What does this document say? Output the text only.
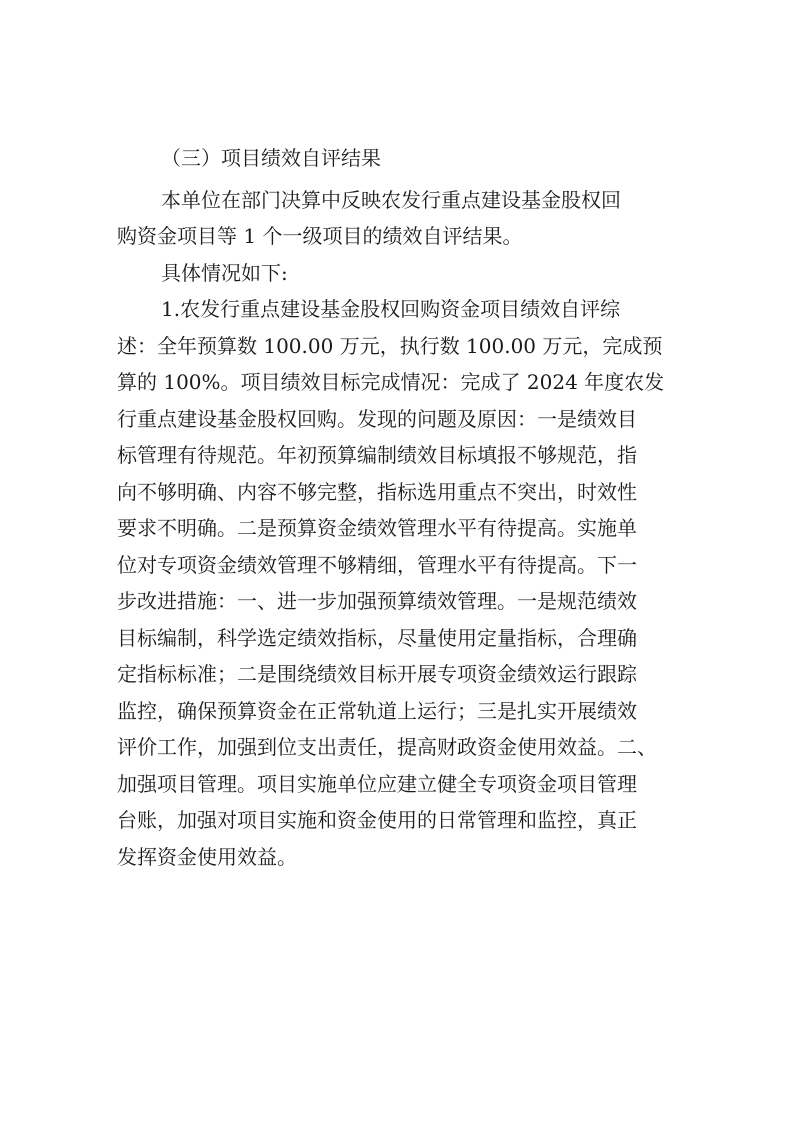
（三）项目绩效自评结果
本单位在部门决算中反映农发行重点建设基金股权回
购资金项目等 1 个一级项目的绩效自评结果。
具体情况如下:
1.农发行重点建设基金股权回购资金项目绩效自评综
述：全年预算数 100.00 万元，执行数 100.00 万元，完成预
算的 100%。项目绩效目标完成情况：完成了 2024 年度农发
行重点建设基金股权回购。发现的问题及原因：一是绩效目
标管理有待规范。年初预算编制绩效目标填报不够规范，指
向不够明确、内容不够完整，指标选用重点不突出，时效性
要求不明确。二是预算资金绩效管理水平有待提高。实施单
位对专项资金绩效管理不够精细，管理水平有待提高。下一
步改进措施：一、进一步加强预算绩效管理。一是规范绩效
目标编制，科学选定绩效指标，尽量使用定量指标，合理确
定指标标准；二是围绕绩效目标开展专项资金绩效运行跟踪
监控，确保预算资金在正常轨道上运行；三是扎实开展绩效
评价工作，加强到位支出责任，提高财政资金使用效益。二、
加强项目管理。项目实施单位应建立健全专项资金项目管理
台账，加强对项目实施和资金使用的日常管理和监控，真正
发挥资金使用效益。
